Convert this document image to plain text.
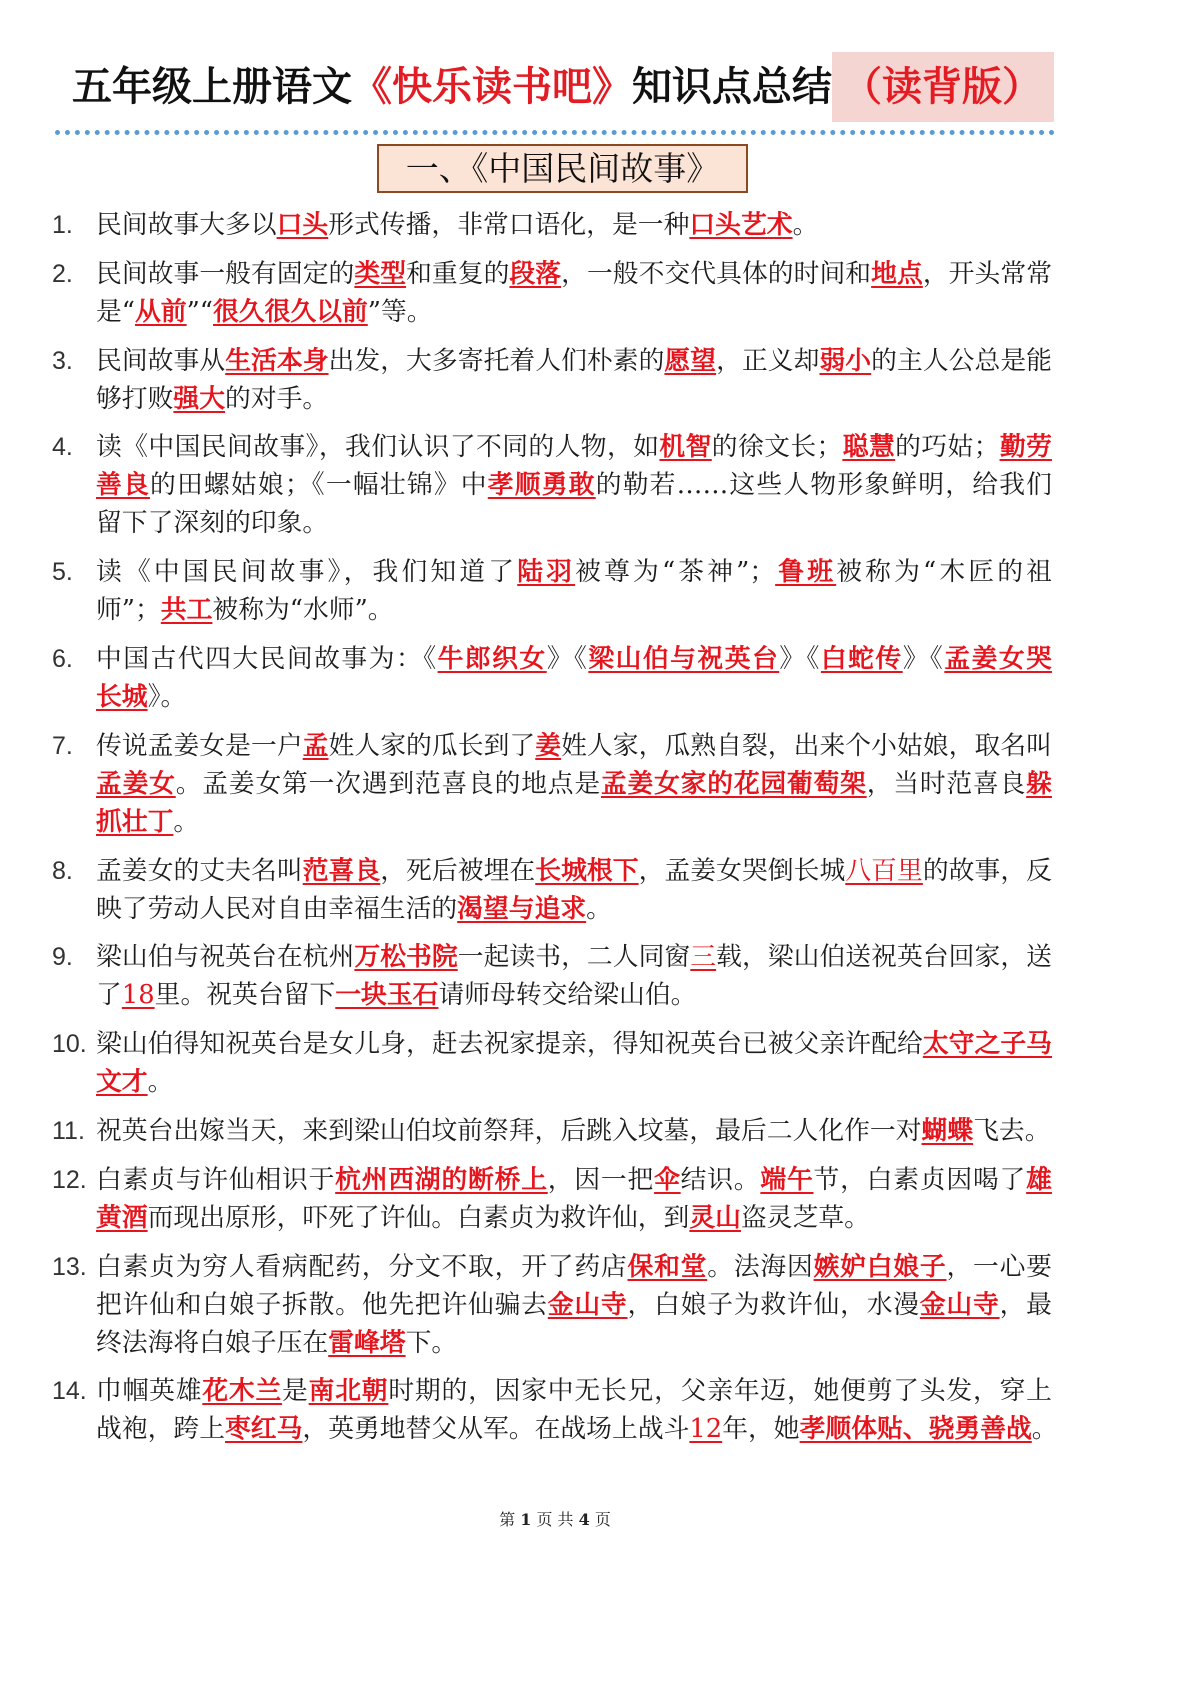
五年级上册语文 《快乐读书吧》 知识点总结 （读背版）
一、《中国民间故事》
1. 民间故事大多以口头形式传播，非常口语化，是一种口头艺术。
2. 民间故事一般有固定的类型和重复的段落，一般不交代具体的时间和地点，开头常常
是“从前”“很久很久以前”等。
3. 民间故事从生活本身出发，大多寄托着人们朴素的愿望，正义却弱小的主人公总是能
够打败强大的对手。
4. 读《中国民间故事》，我们认识了不同的人物，如机智的徐文长；聪慧的巧姑；勤劳
善良的田螺姑娘；《一幅壮锦》中孝顺勇敢的勒若……这些人物形象鲜明，给我们
留下了深刻的印象。
5. 读《中国民间故事》，我们知道了陆羽被尊为“茶神”；鲁班被称为“木匠的祖
师”；共工被称为“水师”。
6. 中国古代四大民间故事为：《牛郎织女》《梁山伯与祝英台》《白蛇传》《孟姜女哭
长城》。
7. 传说孟姜女是一户孟姓人家的瓜长到了姜姓人家，瓜熟自裂，出来个小姑娘，取名叫
孟姜女。孟姜女第一次遇到范喜良的地点是孟姜女家的花园葡萄架，当时范喜良躲
抓壮丁。
8. 孟姜女的丈夫名叫范喜良，死后被埋在长城根下，孟姜女哭倒长城八百里的故事，反
映了劳动人民对自由幸福生活的渴望与追求。
9. 梁山伯与祝英台在杭州万松书院一起读书，二人同窗三载，梁山伯送祝英台回家，送
了18里。祝英台留下一块玉石请师母转交给梁山伯。
10. 梁山伯得知祝英台是女儿身，赶去祝家提亲，得知祝英台已被父亲许配给太守之子马
文才。
11. 祝英台出嫁当天，来到梁山伯坟前祭拜，后跳入坟墓，最后二人化作一对蝴蝶飞去。
12. 白素贞与许仙相识于杭州西湖的断桥上，因一把伞结识。端午节，白素贞因喝了雄
黄酒而现出原形，吓死了许仙。白素贞为救许仙，到灵山盗灵芝草。
13. 白素贞为穷人看病配药，分文不取，开了药店保和堂。法海因嫉妒白娘子，一心要
把许仙和白娘子拆散。他先把许仙骗去金山寺，白娘子为救许仙，水漫金山寺，最
终法海将白娘子压在雷峰塔下。
14. 巾帼英雄花木兰是南北朝时期的，因家中无长兄，父亲年迈，她便剪了头发，穿上
战袍，跨上枣红马，英勇地替父从军。在战场上战斗12年，她孝顺体贴、骁勇善战。
第 1 页 共 4 页
